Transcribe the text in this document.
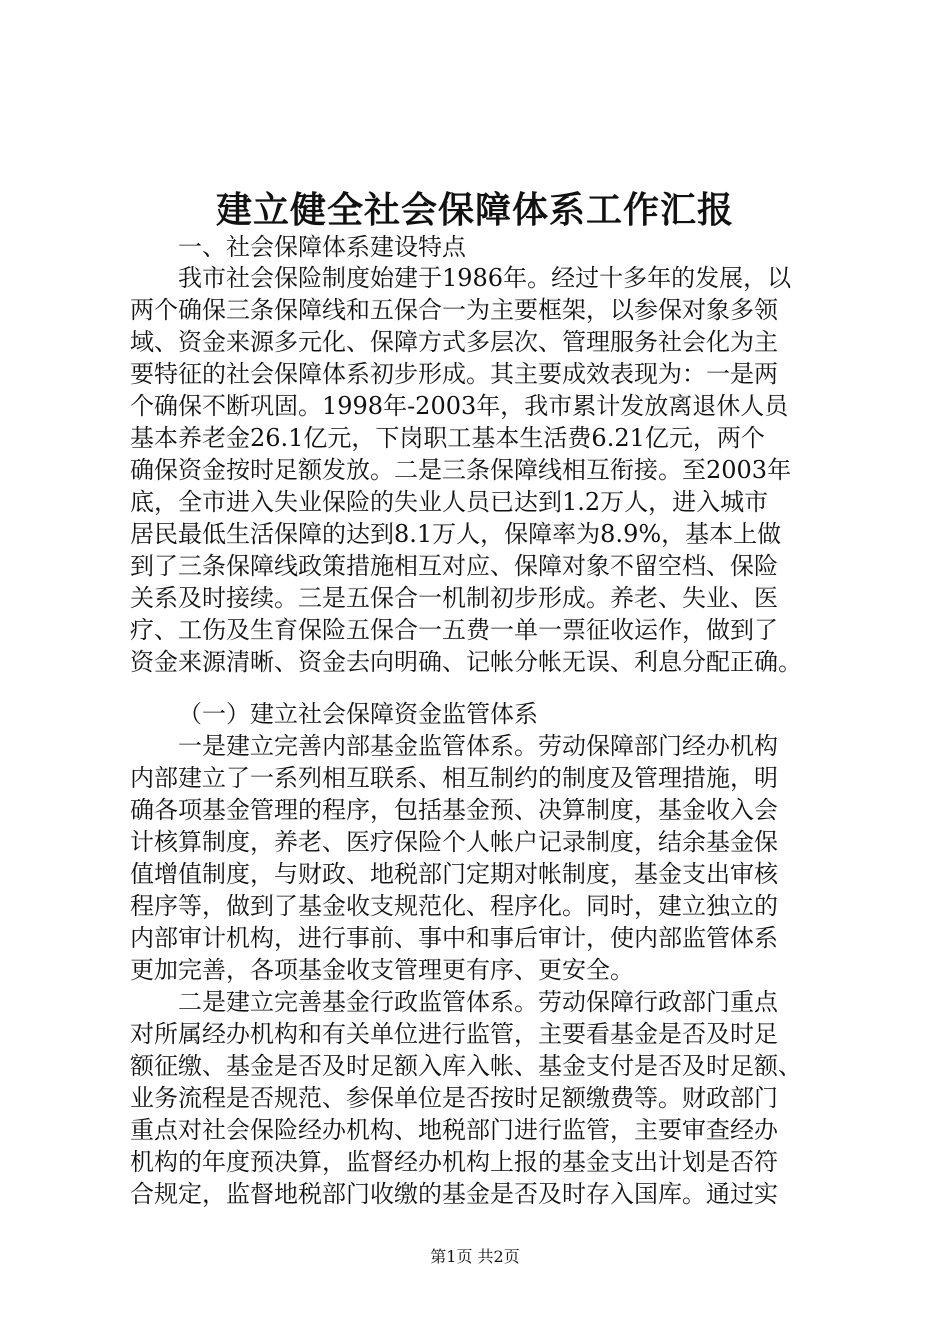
建立健全社会保障体系工作汇报
一、社会保障体系建设特点
我市社会保险制度始建于1986年。经过十多年的发展，以
两个确保三条保障线和五保合一为主要框架，以参保对象多领
域、资金来源多元化、保障方式多层次、管理服务社会化为主
要特征的社会保障体系初步形成。其主要成效表现为：一是两
个确保不断巩固。1998年-2003年，我市累计发放离退休人员
基本养老金26.1亿元，下岗职工基本生活费6.21亿元，两个
确保资金按时足额发放。二是三条保障线相互衔接。至2003年
底，全市进入失业保险的失业人员已达到1.2万人，进入城市
居民最低生活保障的达到8.1万人，保障率为8.9%，基本上做
到了三条保障线政策措施相互对应、保障对象不留空档、保险
关系及时接续。三是五保合一机制初步形成。养老、失业、医
疗、工伤及生育保险五保合一五费一单一票征收运作，做到了
资金来源清晰、资金去向明确、记帐分帐无误、利息分配正确。
（一）建立社会保障资金监管体系
一是建立完善内部基金监管体系。劳动保障部门经办机构
内部建立了一系列相互联系、相互制约的制度及管理措施，明
确各项基金管理的程序，包括基金预、决算制度，基金收入会
计核算制度，养老、医疗保险个人帐户记录制度，结余基金保
值增值制度，与财政、地税部门定期对帐制度，基金支出审核
程序等，做到了基金收支规范化、程序化。同时，建立独立的
内部审计机构，进行事前、事中和事后审计，使内部监管体系
更加完善，各项基金收支管理更有序、更安全。
二是建立完善基金行政监管体系。劳动保障行政部门重点
对所属经办机构和有关单位进行监管，主要看基金是否及时足
额征缴、基金是否及时足额入库入帐、基金支付是否及时足额、
业务流程是否规范、参保单位是否按时足额缴费等。财政部门
重点对社会保险经办机构、地税部门进行监管，主要审查经办
机构的年度预决算，监督经办机构上报的基金支出计划是否符
合规定，监督地税部门收缴的基金是否及时存入国库。通过实
第1页 共2页
